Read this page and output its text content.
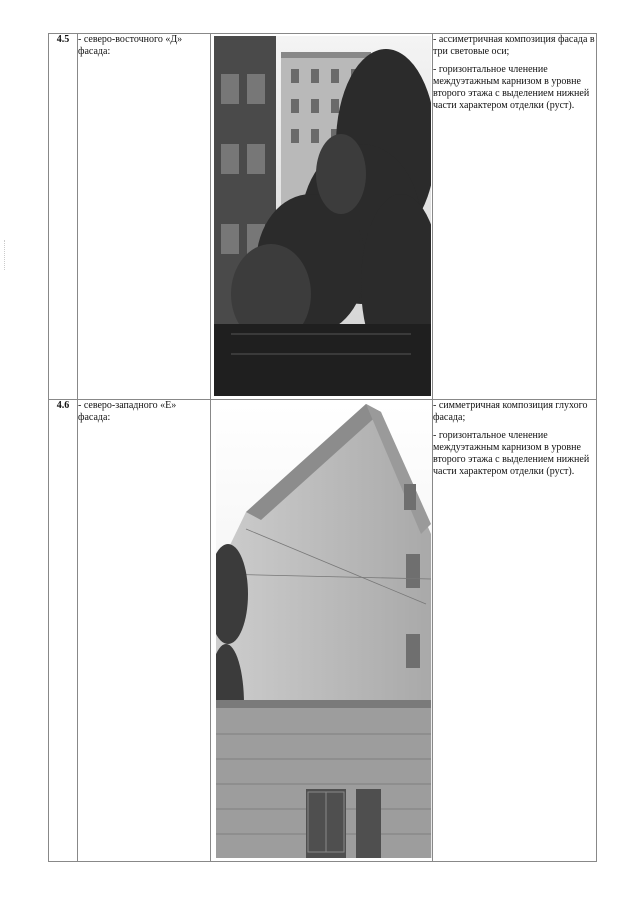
4.5	- северо-восточного «Д» фасада:		- ассиметричная композиция фасада в три световые оси;

- горизонтальное членение междуэтажным карнизом в уровне второго этажа с выделением нижней части характером отделки (руст).

4.6	- северо-западного «Е» фасада:		- симметричная композиция глухого фасада;

- горизонтальное членение междуэтажным карнизом в уровне второго этажа с выделением нижней части характером отделки (руст).
